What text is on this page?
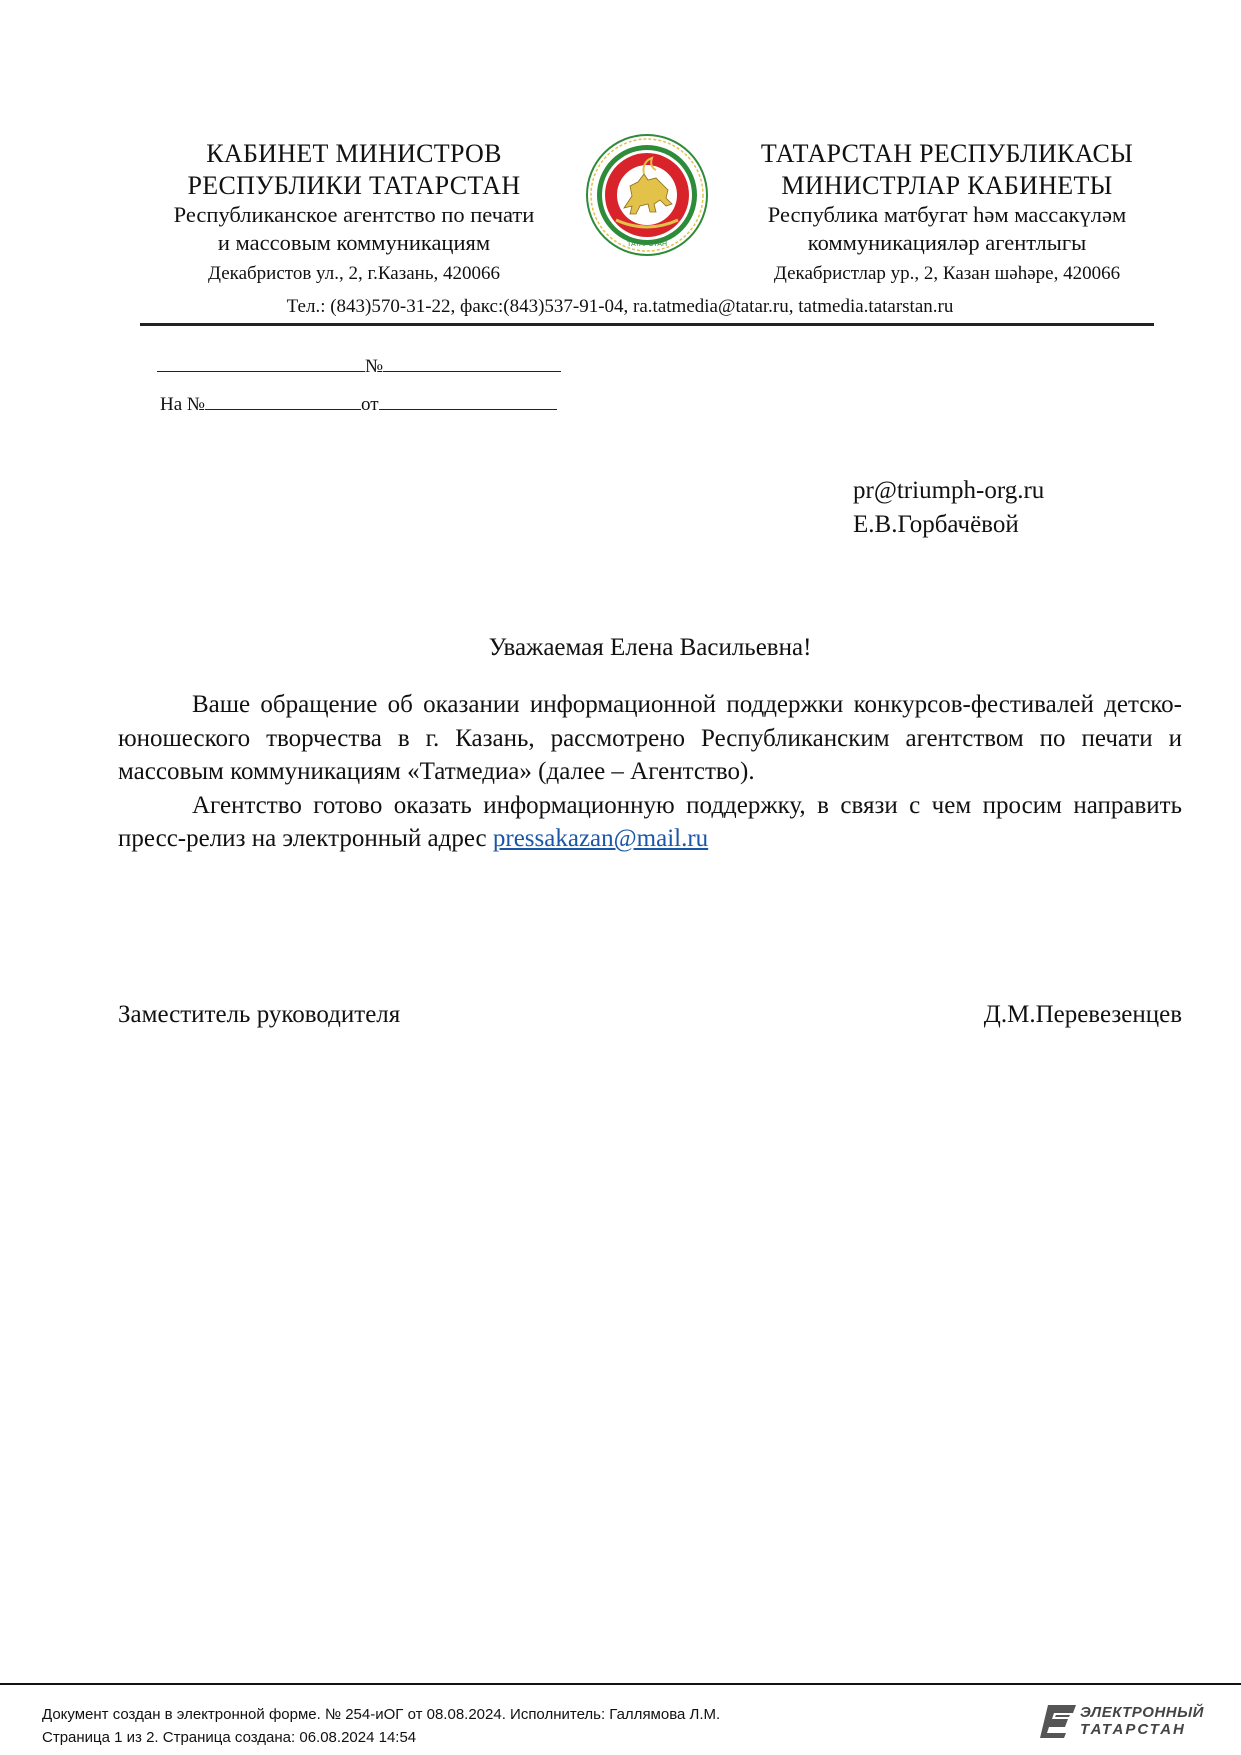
КАБИНЕТ МИНИСТРОВ
РЕСПУБЛИКИ ТАТАРСТАН
Республиканское агентство по печати
и массовым коммуникациям
Декабристов ул., 2, г.Казань, 420066
ТАТАРСТАН
ТАТАРСТАН РЕСПУБЛИКАСЫ
МИНИСТРЛАР КАБИНЕТЫ
Республика матбугат һәм массакүләм
коммуникацияләр агентлыгы
Декабристлар ур., 2, Казан шәһәре, 420066
Тел.: (843)570-31-22, факс:(843)537-91-04, ra.tatmedia@tatar.ru, tatmedia.tatarstan.ru
№
На №	от
pr@triumph-org.ru
Е.В.Горбачёвой
Уважаемая Елена Васильевна!

Ваше обращение об оказании информационной поддержки конкурсов-фестивалей детско-юношеского творчества в г. Казань, рассмотрено Республиканским агентством по печати и массовым коммуникациям «Татмедиа» (далее – Агентство).

Агентство готово оказать информационную поддержку, в связи с чем просим направить пресс-релиз на электронный адрес pressakazan@mail.ru

Заместитель руководителя	Д.М.Перевезенцев
Документ создан в электронной форме. № 254-иОГ от 08.08.2024. Исполнитель: Галлямова Л.М.
Страница 1 из 2. Страница создана: 06.08.2024 14:54
ЭЛЕКТРОННЫЙ
ТАТАРСТАН
